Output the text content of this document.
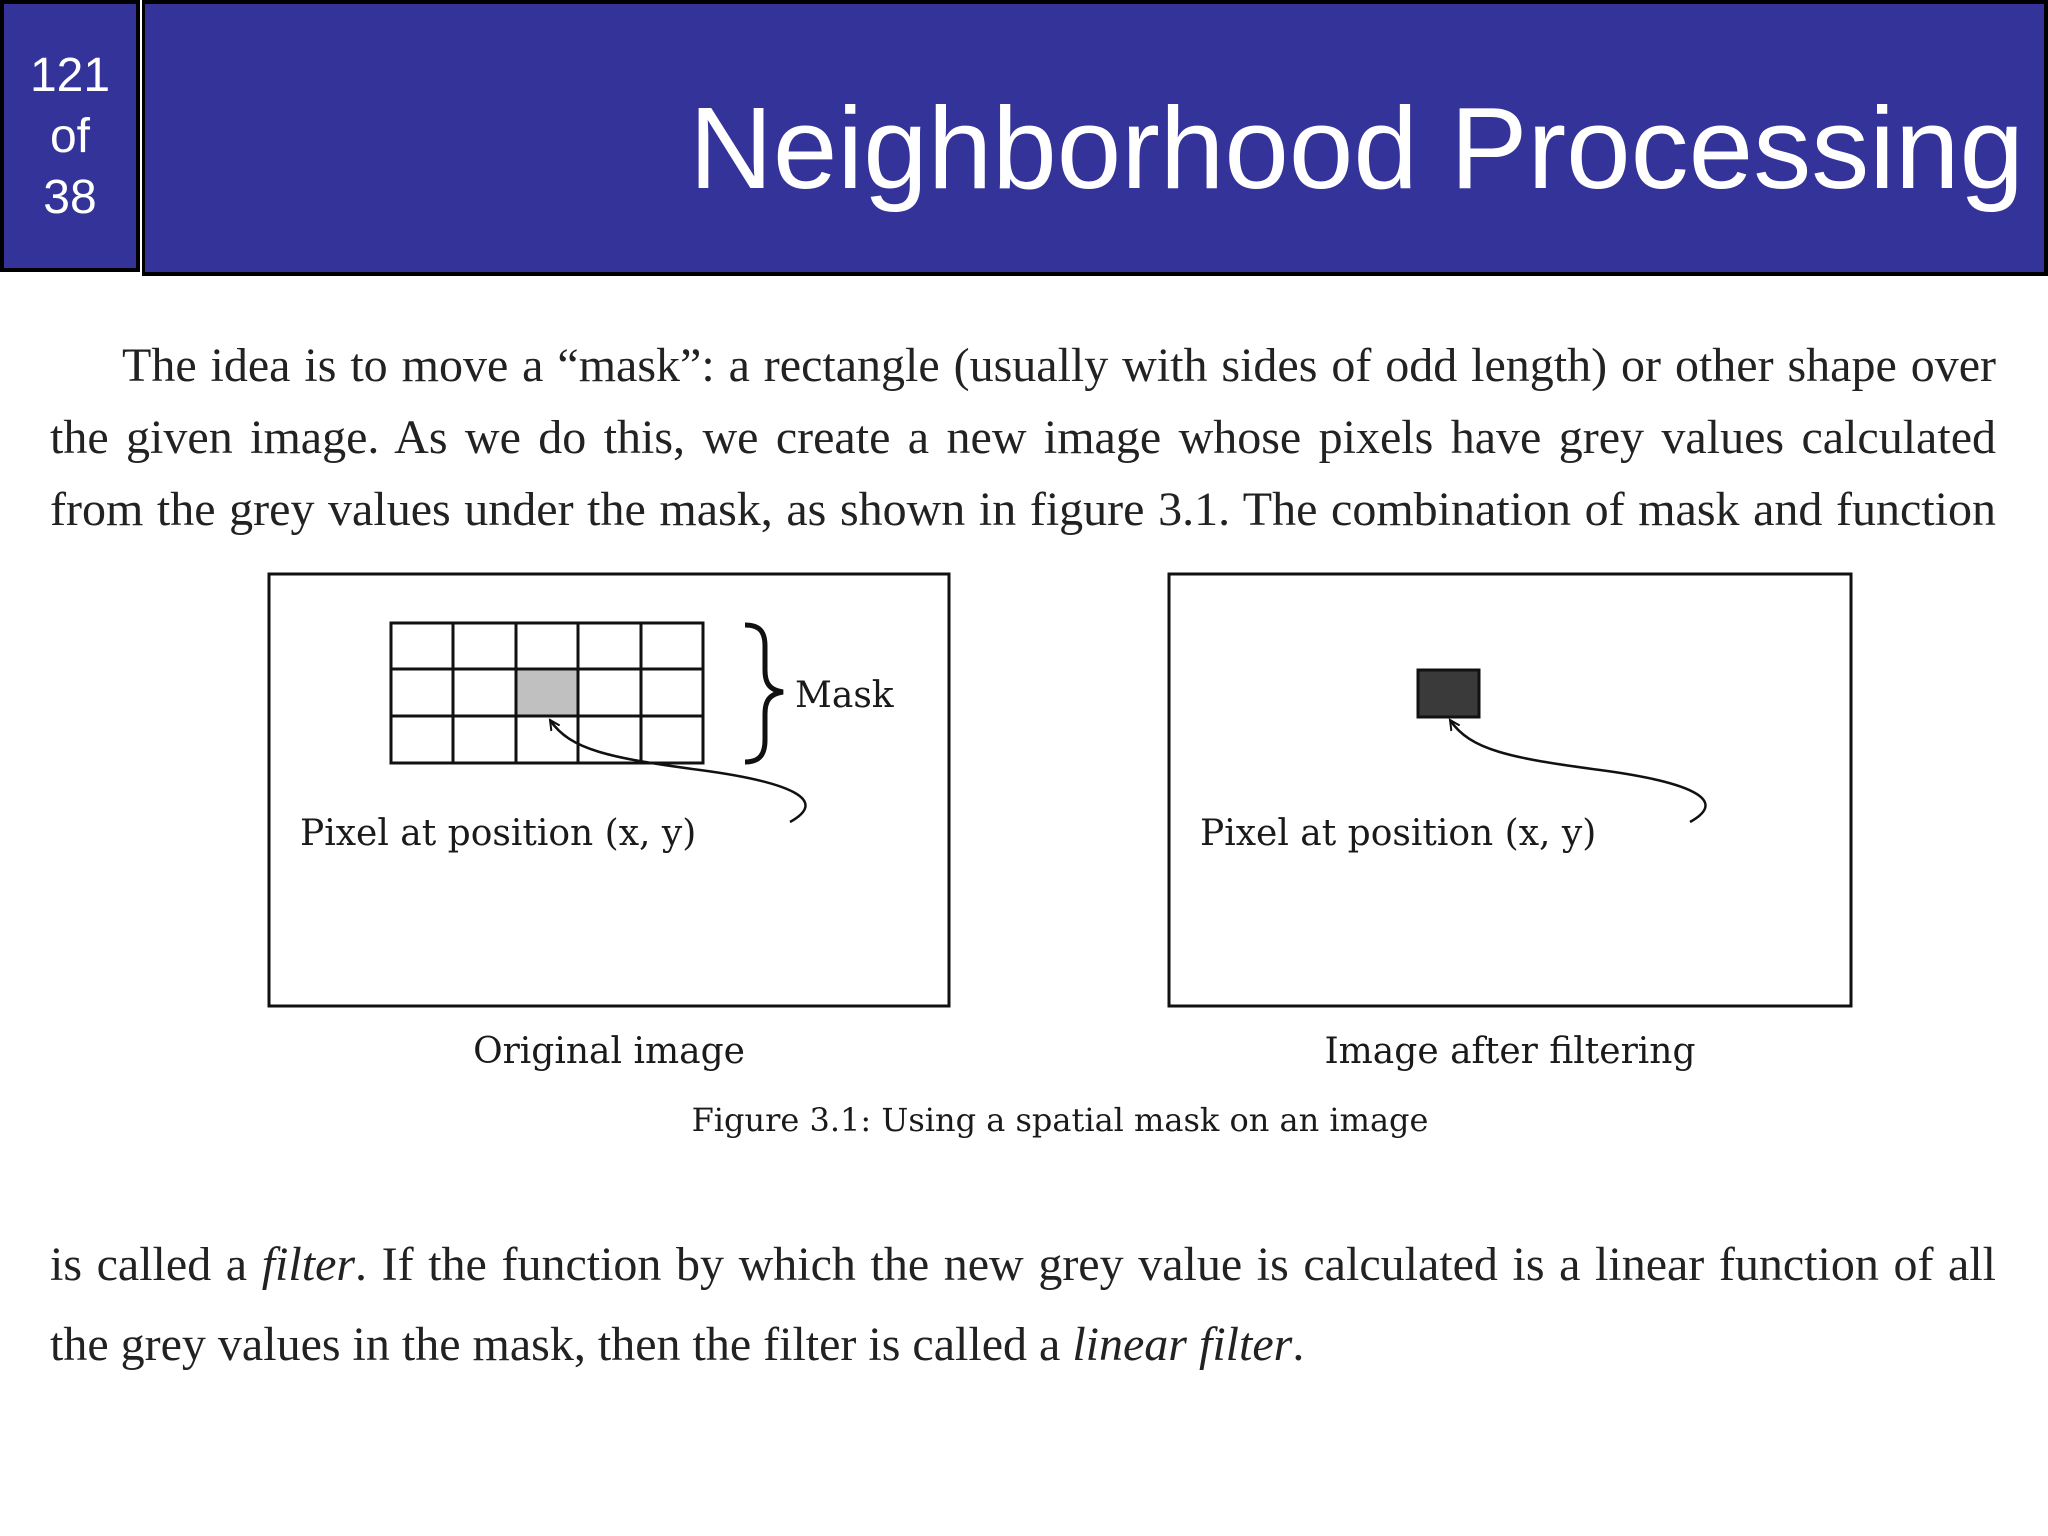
121
of
38	Neighborhood Processing

The idea is to move a “mask”: a rectangle (usually with sides of odd length) or other shape over
the given image. As we do this, we create a new image whose pixels have grey values calculated
from the grey values under the mask, as shown in figure 3.1. The combination of mask and function

Mask
Pixel at position (x, y)
Original image
Pixel at position (x, y)
Image after filtering
Figure 3.1: Using a spatial mask on an image

is called a filter. If the function by which the new grey value is calculated is a linear function of all
the grey values in the mask, then the filter is called a linear filter.
